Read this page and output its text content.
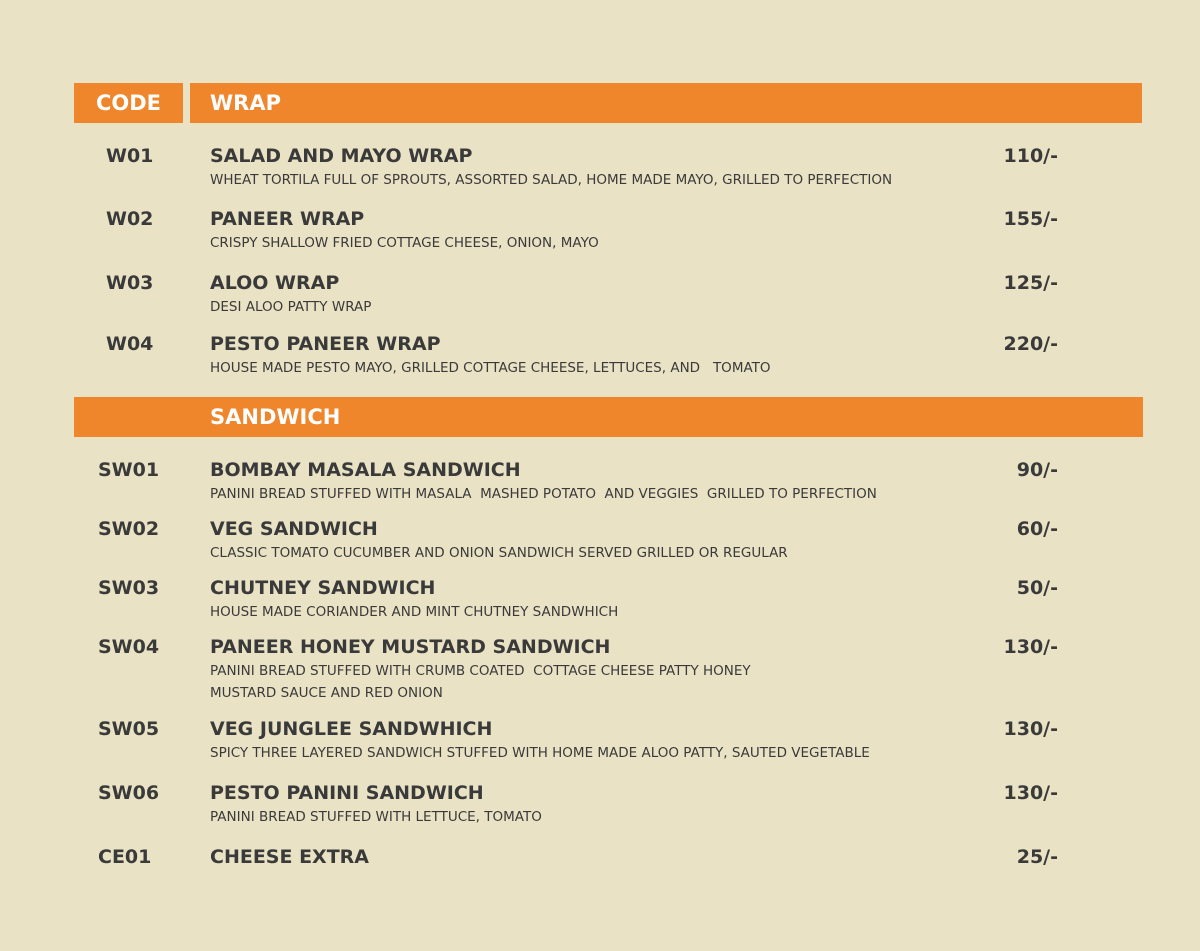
CODE	WRAP
W01	SALAD AND MAYO WRAP
WHEAT TORTILA FULL OF SPROUTS, ASSORTED SALAD, HOME MADE MAYO, GRILLED TO PERFECTION
110/-
W02	PANEER WRAP
CRISPY SHALLOW FRIED COTTAGE CHEESE, ONION, MAYO
155/-
W03	ALOO WRAP
DESI ALOO PATTY WRAP
125/-
W04	PESTO PANEER WRAP
HOUSE MADE PESTO MAYO, GRILLED COTTAGE CHEESE, LETTUCES, AND   TOMATO
220/-
SANDWICH
SW01	BOMBAY MASALA SANDWICH
PANINI BREAD STUFFED WITH MASALA  MASHED POTATO  AND VEGGIES  GRILLED TO PERFECTION
90/-
SW02	VEG SANDWICH
CLASSIC TOMATO CUCUMBER AND ONION SANDWICH SERVED GRILLED OR REGULAR
60/-
SW03	CHUTNEY SANDWICH
HOUSE MADE CORIANDER AND MINT CHUTNEY SANDWHICH
50/-
SW04	PANEER HONEY MUSTARD SANDWICH
PANINI BREAD STUFFED WITH CRUMB COATED  COTTAGE CHEESE PATTY HONEY
MUSTARD SAUCE AND RED ONION
130/-
SW05	VEG JUNGLEE SANDWHICH
SPICY THREE LAYERED SANDWICH STUFFED WITH HOME MADE ALOO PATTY, SAUTED VEGETABLE
130/-
SW06	PESTO PANINI SANDWICH
PANINI BREAD STUFFED WITH LETTUCE, TOMATO
130/-
CE01	CHEESE EXTRA	25/-
